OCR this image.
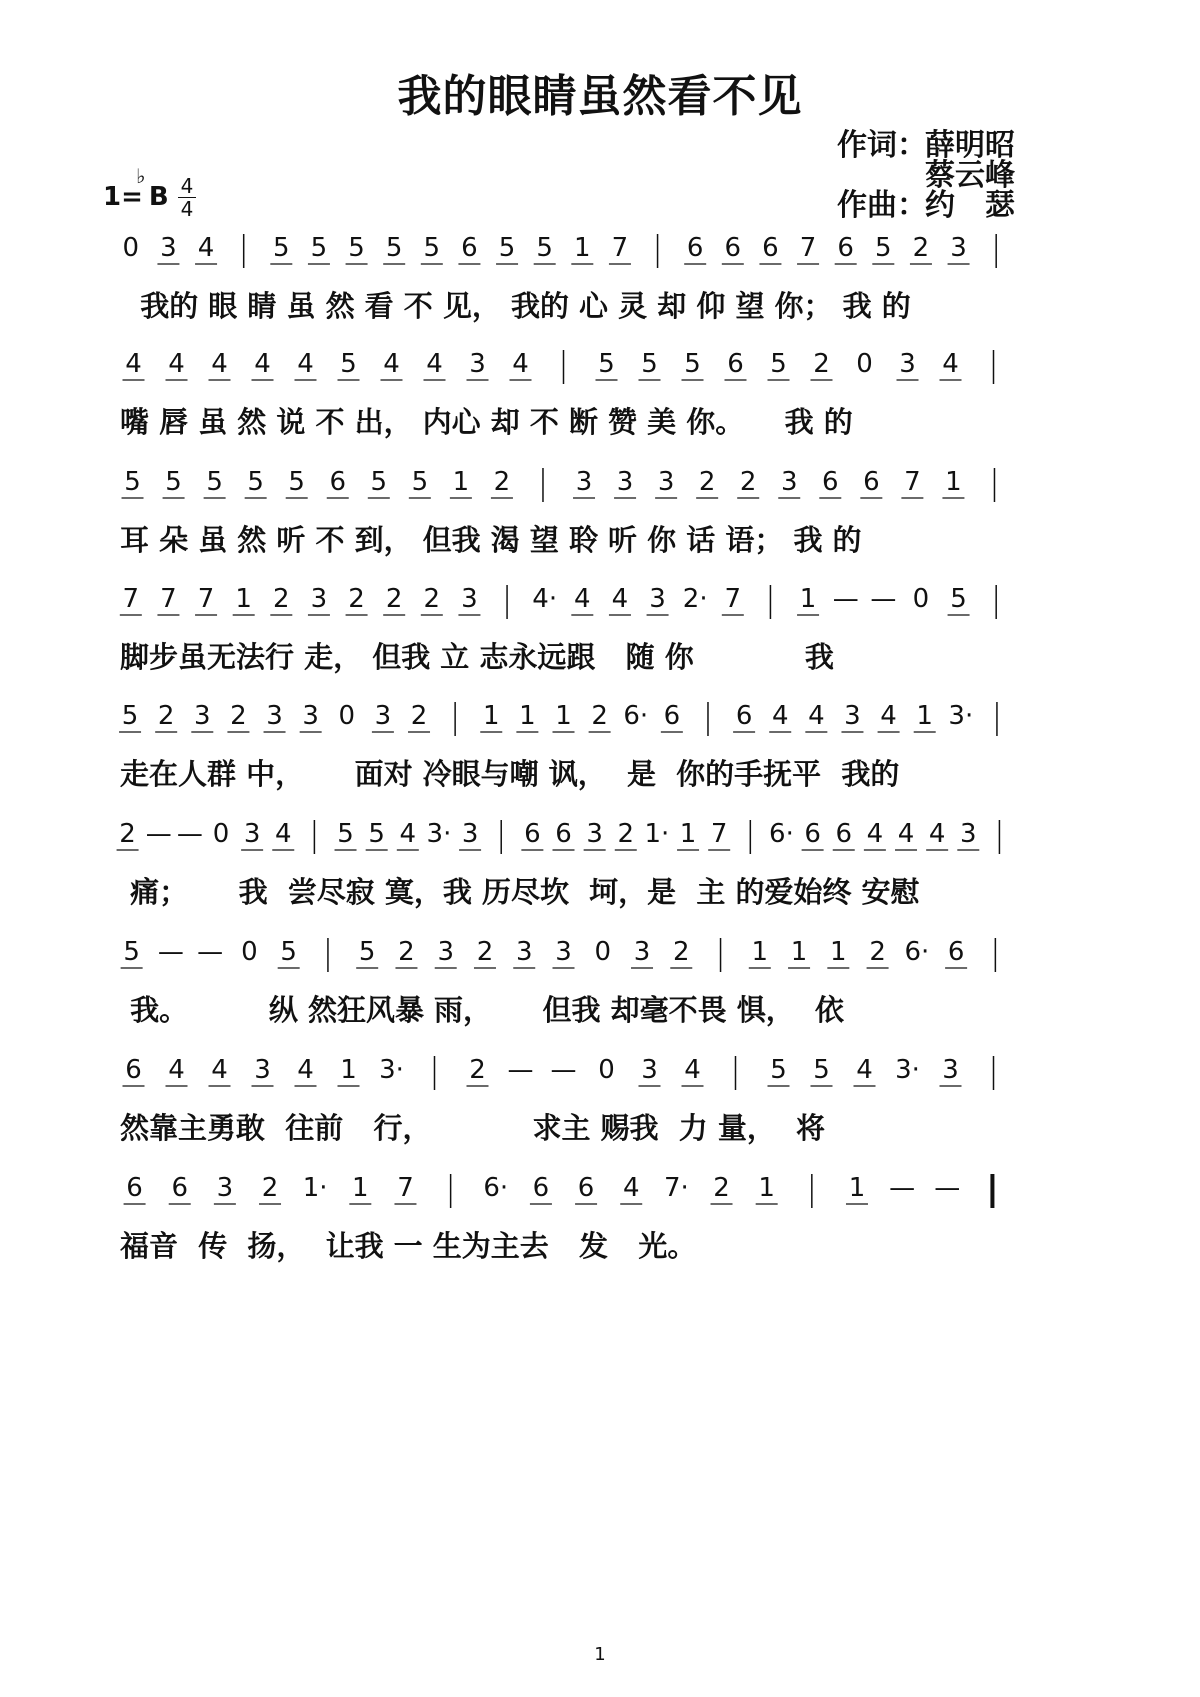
我的眼睛虽然看不见
作词：
薛明昭
蔡云峰
作曲：
约　瑟
1=
♭
B 4
4
0 3 4 5 5 5 5 5 6 5 5 1 7 6 6 6 7 6 5 2 3
4 4 4 4 4 5 4 4 3 4	5 5 5 6 5 2 0 3 4
5 5 5 5 5 6 5 5 1 2	3 3 3 2 2 3 6 6 7 1
7 7 7 1 2 3 2 2 2 3 4· 4 4 3 2· 7 1 — — 0 5
5 2 3 2 3 3 0 3 2 1 1 1 2 6· 6 6 4 4 3 4 1 3·
2 — — 0 3 4 5 5 4 3· 3 6 6 3 2 1· 1 7 6· 6 6 4 4 4 3
5 — — 0 5 5 2 3 2 3 3 0 3 2 1 1 1 2 6· 6
6 4 4 3 4 1 3·	2 — — 0 3 4	5 5 4 3· 3
6 6 3 2 1· 1 7	6· 6 6 4 7· 2 1	1 — —
我的 眼 睛 虽 然 看 不 见， 我的 心 灵 却 仰 望 你； 我 的
嘴 唇 虽 然 说 不 出， 内心 却 不 断 赞 美 你。    我 的
耳 朵 虽 然 听 不 到， 但我 渴 望 聆 听 你 话 语； 我 的
脚步虽无法行 走， 但我 立 志永远跟   随 你           我
走在人群 中，     面对 冷眼与嘲 讽，  是  你的手抚平  我的
痛；     我  尝尽寂 寞，我 历尽坎  坷，是  主 的爱始终 安慰
我。        纵 然狂风暴 雨，     但我 却毫不畏 惧，  依
然靠主勇敢  往前   行，          求主 赐我  力 量，  将
福音  传  扬，  让我 一 生为主去   发   光。
1
